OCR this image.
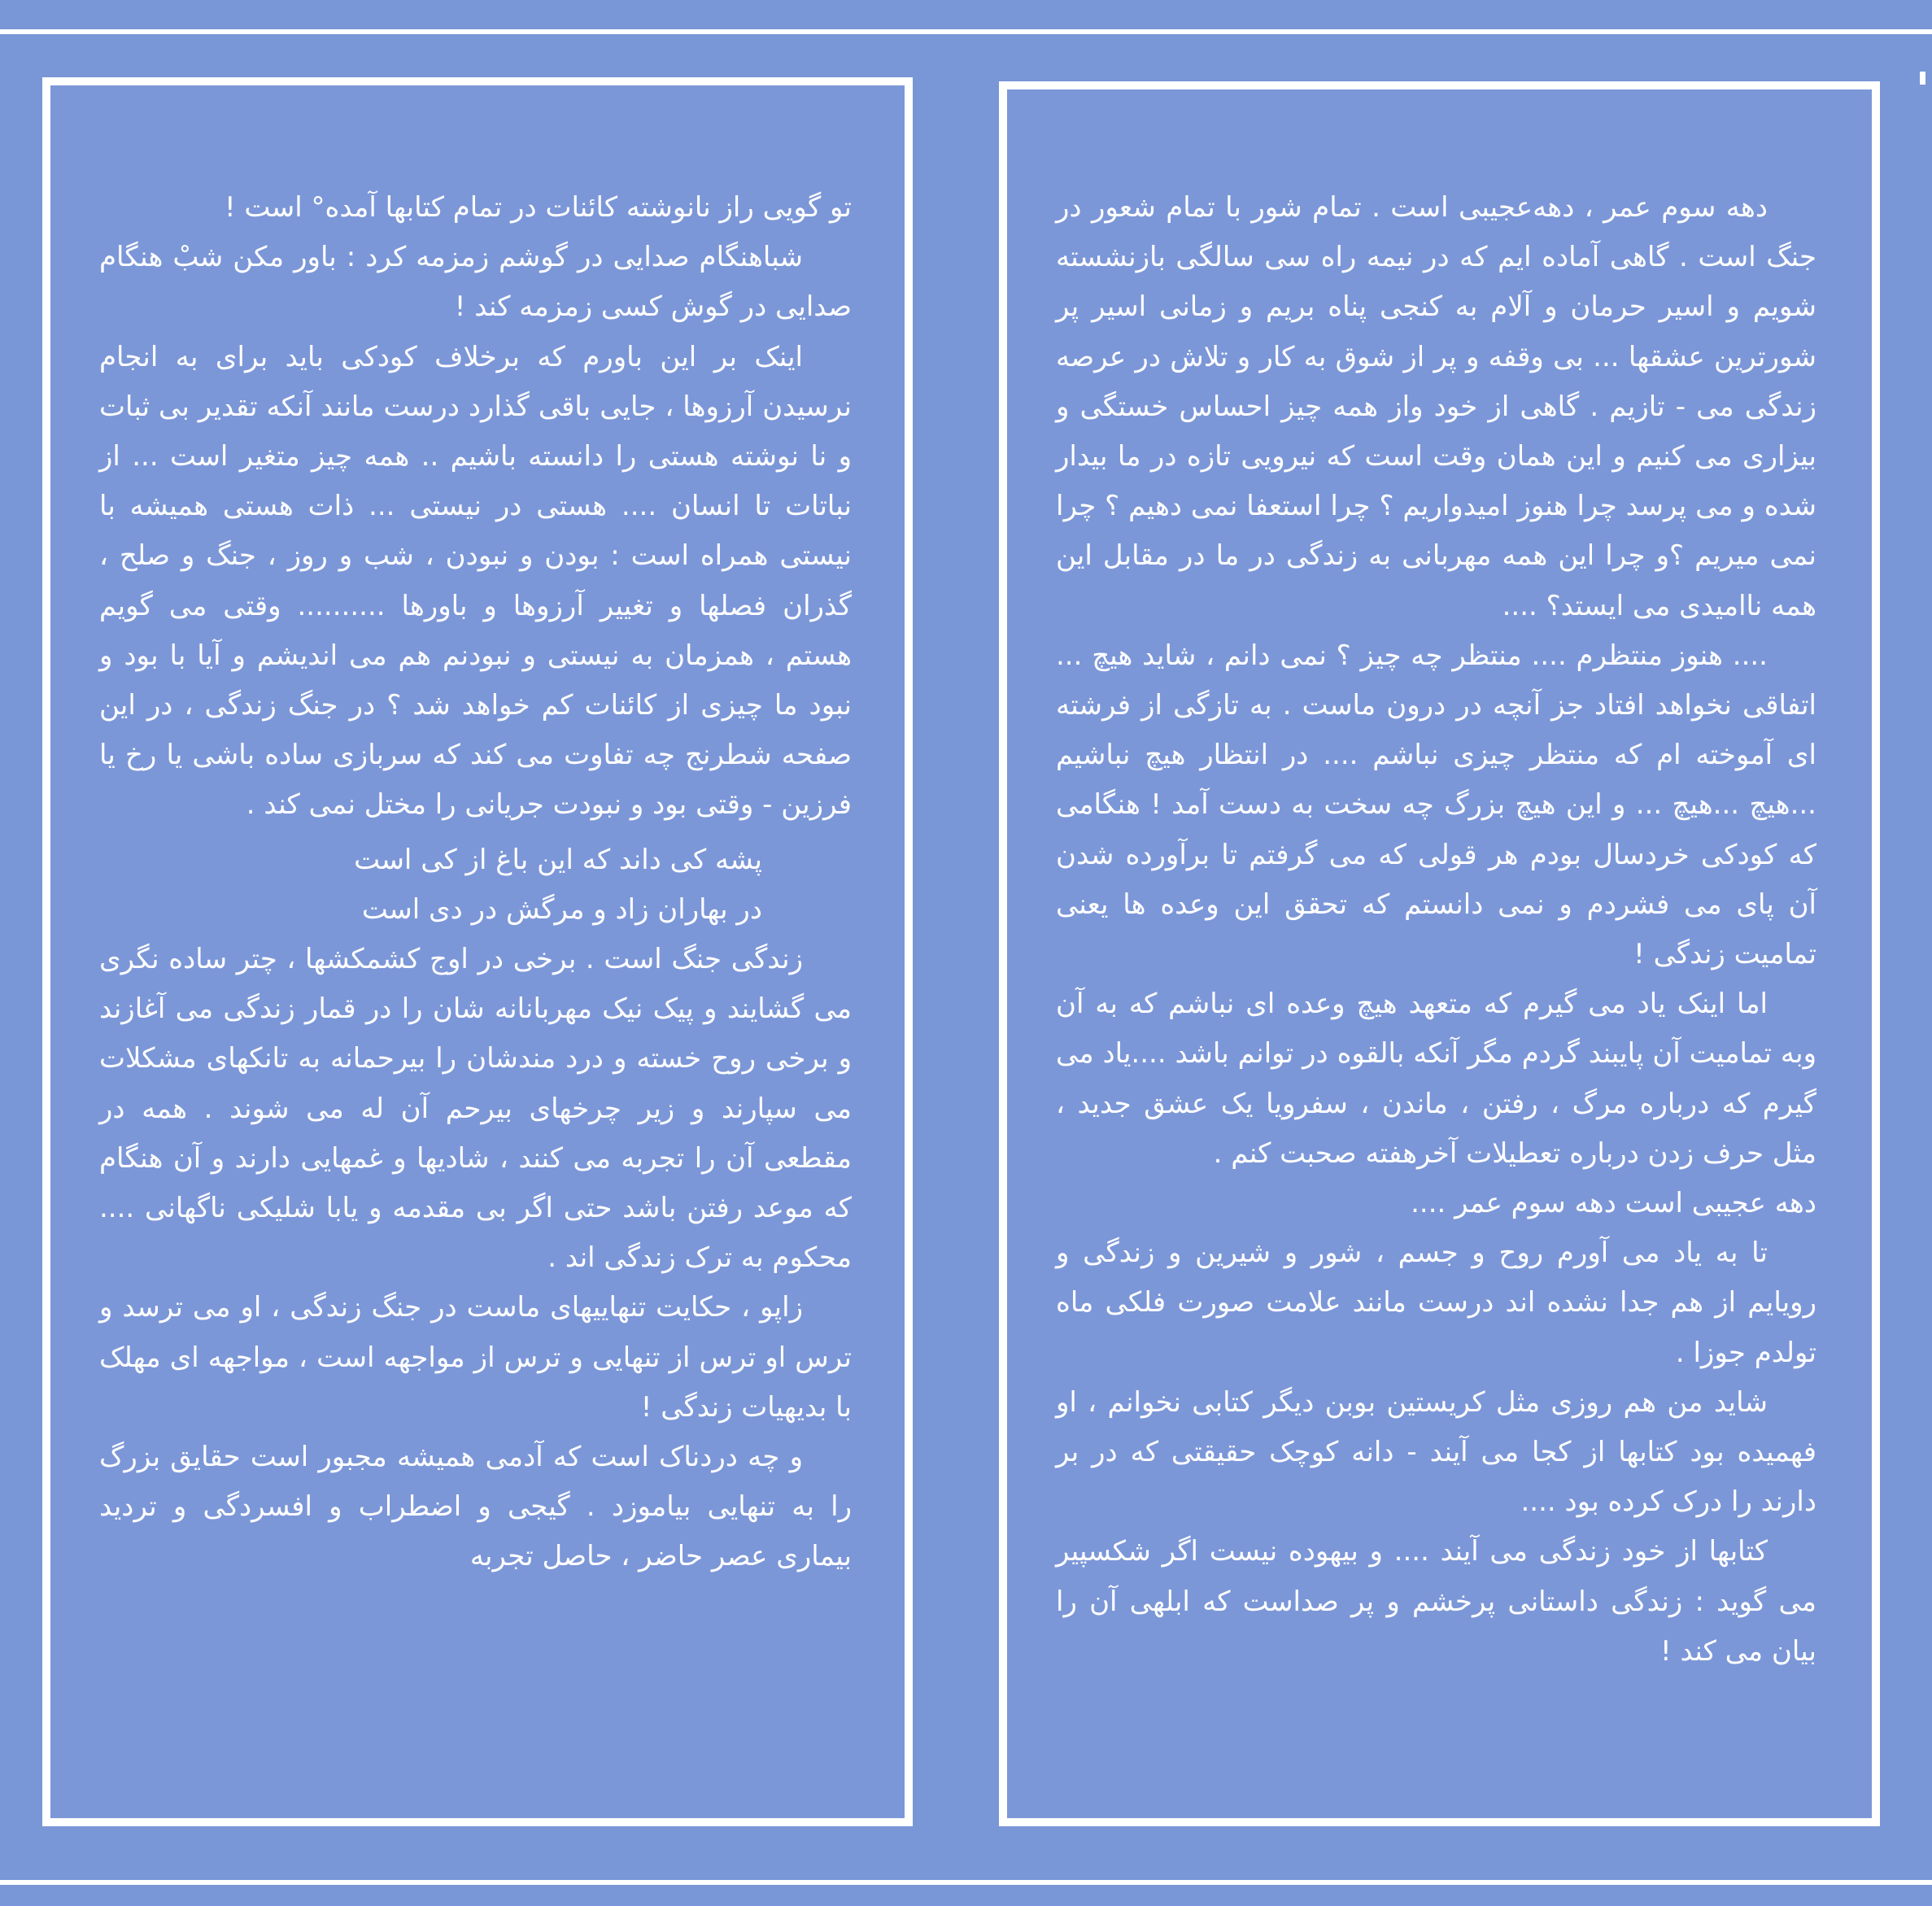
تو گویی راز نانوشته کائنات در تمام کتابها آمده° است !

شباهنگام صدایی در گوشم زمزمه کرد : باور مکن شبْ هنگام صدایی در گوش کسی زمزمه کند !

اینک بر این باورم که برخلاف کودکی باید برای به انجام نرسیدن آرزوها ، جایی باقی گذارد درست مانند آنکه تقدیر بی ثبات و نا نوشته هستی را دانسته باشیم .. همه چیز متغیر است ... از نباتات تا انسان .... هستی در نیستی ... ذات هستی همیشه با نیستی همراه است : بودن و نبودن ، شب و روز ، جنگ و صلح ، گذران فصلها و تغییر آرزوها و باورها .......... وقتی می گویم هستم ، همزمان به نیستی و نبودنم هم می اندیشم و آیا با بود و نبود ما چیزی از کائنات کم خواهد شد ؟ در جنگ زندگی ، در این صفحه شطرنج چه تفاوت می کند که سربازی ساده باشی یا رخ یا فرزین - وقتی بود و نبودت جریانی را مختل نمی کند .

پشه کی داند که این باغ از کی است
در بهاران زاد و مرگش در دی است

زندگی جنگ است . برخی در اوج کشمکشها ، چتر ساده نگری می گشایند و پیک نیک مهربانانه شان را در قمار زندگی می آغازند و برخی روح خسته و درد مندشان را بیرحمانه به تانکهای مشکلات می سپارند و زیر چرخهای بیرحم آن له می شوند . همه در مقطعی آن را تجربه می کنند ، شادیها و غمهایی دارند و آن هنگام که موعد رفتن باشد حتی اگر بی مقدمه و یابا شلیکی ناگهانی .... محکوم به ترک زندگی اند .

زاپو ، حکایت تنهاییهای ماست در جنگ زندگی ، او می ترسد و ترس او ترس از تنهایی و ترس از مواجهه است ، مواجهه ای مهلک با بدیهیات زندگی !

و چه دردناک است که آدمی همیشه مجبور است حقایق بزرگ را به تنهایی بیاموزد . گیجی و اضطراب و افسردگی و تردید بیماری عصر حاضر ، حاصل تجربه

دهه سوم عمر ، دهه‌عجیبی است . تمام شور با تمام شعور در جنگ است . گاهی آماده ایم که در نیمه راه سی سالگی بازنشسته شویم و اسیر حرمان و آلام به کنجی پناه بریم و زمانی اسیر پر شورترین عشقها ... بی وقفه و پر از شوق به کار و تلاش در عرصه زندگی می - تازیم . گاهی از خود واز همه چیز احساس خستگی و بیزاری می کنیم و این همان وقت است که نیرویی تازه در ما بیدار شده و می پرسد چرا هنوز امیدواریم ؟ چرا استعفا نمی دهیم ؟ چرا نمی میریم ؟و چرا این همه مهربانی به زندگی در ما در مقابل این همه ناامیدی می ایستد؟ ....

.... هنوز منتظرم .... منتظر چه چیز ؟ نمی دانم ، شاید هیچ ... اتفاقی نخواهد افتاد جز آنچه در درون ماست . به تازگی از فرشته ای آموخته ام که منتظر چیزی نباشم .... در انتظار هیچ نباشیم ...هیچ ...هیچ ... و این هیچ بزرگ چه سخت به دست آمد ! هنگامی که کودکی خردسال بودم هر قولی که می گرفتم تا برآورده شدن آن پای می فشردم و نمی دانستم که تحقق این وعده ها یعنی تمامیت زندگی !

اما اینک یاد می گیرم که متعهد هیچ وعده ای نباشم که به آن وبه تمامیت آن پایبند گردم مگر آنکه بالقوه در توانم باشد ....یاد می گیرم که درباره مرگ ، رفتن ، ماندن ، سفرویا یک عشق جدید ، مثل حرف زدن درباره تعطیلات آخرهفته صحبت کنم .

دهه عجیبی است دهه سوم عمر ....

تا به یاد می آورم روح و جسم ، شور و شیرین و زندگی و رویایم از هم جدا نشده اند درست مانند علامت صورت فلکی ماه تولدم جوزا .

شاید من هم روزی مثل کریستین بوبن دیگر کتابی نخوانم ، او فهمیده بود کتابها از کجا می آیند - دانه کوچک حقیقتی که در بر دارند را درک کرده بود ....

کتابها از خود زندگی می آیند .... و بیهوده نیست اگر شکسپیر می گوید : زندگی داستانی پرخشم و پر صداست که ابلهی آن را بیان می کند !
